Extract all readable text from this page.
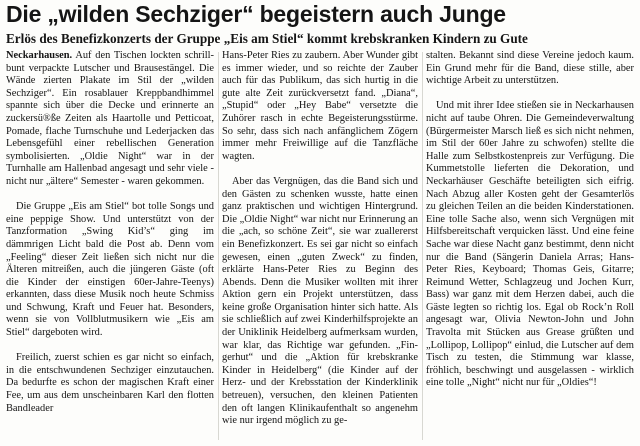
Die „wilden Sechziger“ begeistern auch Junge
Erlös des Benefizkonzerts der Gruppe „Eis am Stiel“ kommt krebskranken Kindern zu Gute

Neckarhausen. Auf den Tischen lockten schrill-bunt verpackte Lutscher und Brausestängel. Die Wände zierten Plakate im Stil der „wilden Sechziger“. Ein rosablauer Kreppbandhimmel spannte sich über die Decke und erinnerte an zuckersü®ße Zeiten als Haartolle und Petticoat, Pomade, flache Turnschuhe und Lederjacken das Lebensgefühl einer rebellischen Generation symbolisierten. „Oldie Night“ war in der Turnhalle am Hallenbad angesagt und sehr viele - nicht nur „ältere“ Semester - waren gekommen.

Die Gruppe „Eis am Stiel“ bot tolle Songs und eine peppige Show. Und unterstützt von der Tanzformation „Swing Kid’s“ ging im dämmrigen Licht bald die Post ab. Denn vom „Feeling“ dieser Zeit ließen sich nicht nur die Älteren mitreißen, auch die jüngeren Gäste (oft die Kinder der einstigen 60er-Jahre-Teenys) erkannten, dass diese Musik noch heute Schmiss und Schwung, Kraft und Feuer hat. Besonders, wenn sie von Vollblutmusikern wie „Eis am Stiel“ dargeboten wird.

Freilich, zuerst schien es gar nicht so einfach, in die entschwundenen Sechziger einzutauchen. Da bedurfte es schon der magischen Kraft einer Fee, um aus dem unscheinbaren Karl den flotten Bandleader

Hans-Peter Ries zu zaubern. Aber Wunder gibt es immer wieder, und so reichte der Zauber auch für das Publikum, das sich hurtig in die gute alte Zeit zurückversetzt fand. „Diana“, „Stupid“ oder „Hey Babe“ versetzte die Zuhörer rasch in echte Begeisterungsstürme. So sehr, dass sich nach anfänglichem Zögern immer mehr Freiwillige auf die Tanzfläche wagten.

Aber das Vergnügen, das die Band sich und den Gästen zu schenken wusste, hatte einen ganz praktischen und wichtigen Hintergrund. Die „Oldie Night“ war nicht nur Erinnerung an die „ach, so schöne Zeit“, sie war zuallererst ein Benefizkonzert. Es sei gar nicht so einfach gewesen, einen „guten Zweck“ zu finden, erklärte Hans-Peter Ries zu Beginn des Abends. Denn die Musiker wollten mit ihrer Aktion gern ein Projekt unterstützen, dass keine große Organisation hinter sich hatte. Als sie schließlich auf zwei Kinderhilfsprojekte an der Uniklinik Heidelberg aufmerksam wurden, war klar, das Richtige war gefunden. „Fingerhut“ und die „Aktion für krebskranke Kinder in Heidelberg“ (die Kinder auf der Herz- und der Krebsstation der Kinderklinik betreuen), versuchen, den kleinen Patienten den oft langen Klinikaufenthalt so angenehm wie nur irgend möglich zu ge-

stalten. Bekannt sind diese Vereine jedoch kaum. Ein Grund mehr für die Band, diese stille, aber wichtige Arbeit zu unterstützen.

Und mit ihrer Idee stießen sie in Neckarhausen nicht auf taube Ohren. Die Gemeindeverwaltung (Bürgermeister Marsch ließ es sich nicht nehmen, im Stil der 60er Jahre zu schwofen) stellte die Halle zum Selbstkostenpreis zur Verfügung. Die Kummetstolle lieferten die Dekoration, und Neckarhäuser Geschäfte beteiligten sich eifrig. Nach Abzug aller Kosten geht der Gesamterlös zu gleichen Teilen an die beiden Kinderstationen. Eine tolle Sache also, wenn sich Vergnügen mit Hilfsbereitschaft verquicken lässt. Und eine feine Sache war diese Nacht ganz bestimmt, denn nicht nur die Band (Sängerin Daniela Arras; Hans-Peter Ries, Keyboard; Thomas Geis, Gitarre; Reimund Wetter, Schlagzeug und Jochen Kurr, Bass) war ganz mit dem Herzen dabei, auch die Gäste legten so richtig los. Egal ob Rock’n Roll angesagt war, Olivia Newton-John und John Travolta mit Stücken aus Grease grüßten und „Lollipop, Lollipop“ einlud, die Lutscher auf dem Tisch zu testen, die Stimmung war klasse, fröhlich, beschwingt und ausgelassen - wirklich eine tolle „Night“ nicht nur für „Oldies“!
